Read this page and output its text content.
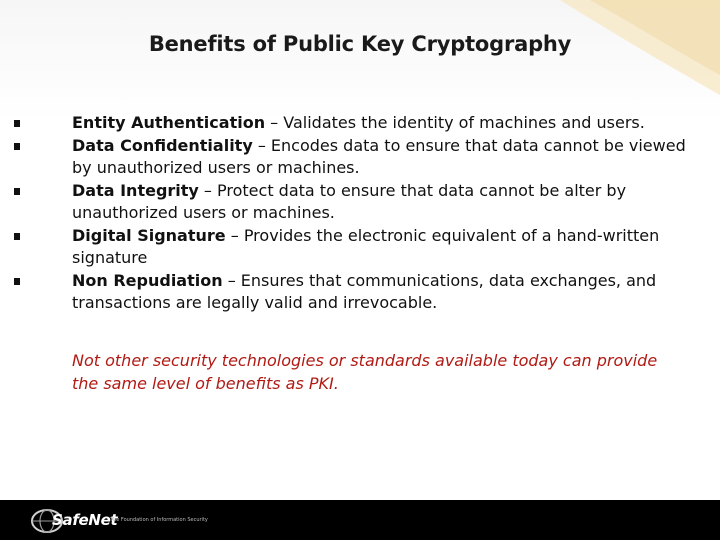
Benefits of Public Key Cryptography
Entity Authentication – Validates the identity of machines and users.
Data Confidentiality – Encodes data to ensure that data cannot be viewed by unauthorized users or machines.
Data Integrity – Protect data to ensure that data cannot be alter by unauthorized users or machines.
Digital Signature – Provides the electronic equivalent of a hand-written signature
Non Repudiation – Ensures that communications, data exchanges, and transactions are legally valid and irrevocable.
Not other security technologies or standards available today can provide the same level of benefits as PKI.
SafeNet
The Foundation of Information Security
